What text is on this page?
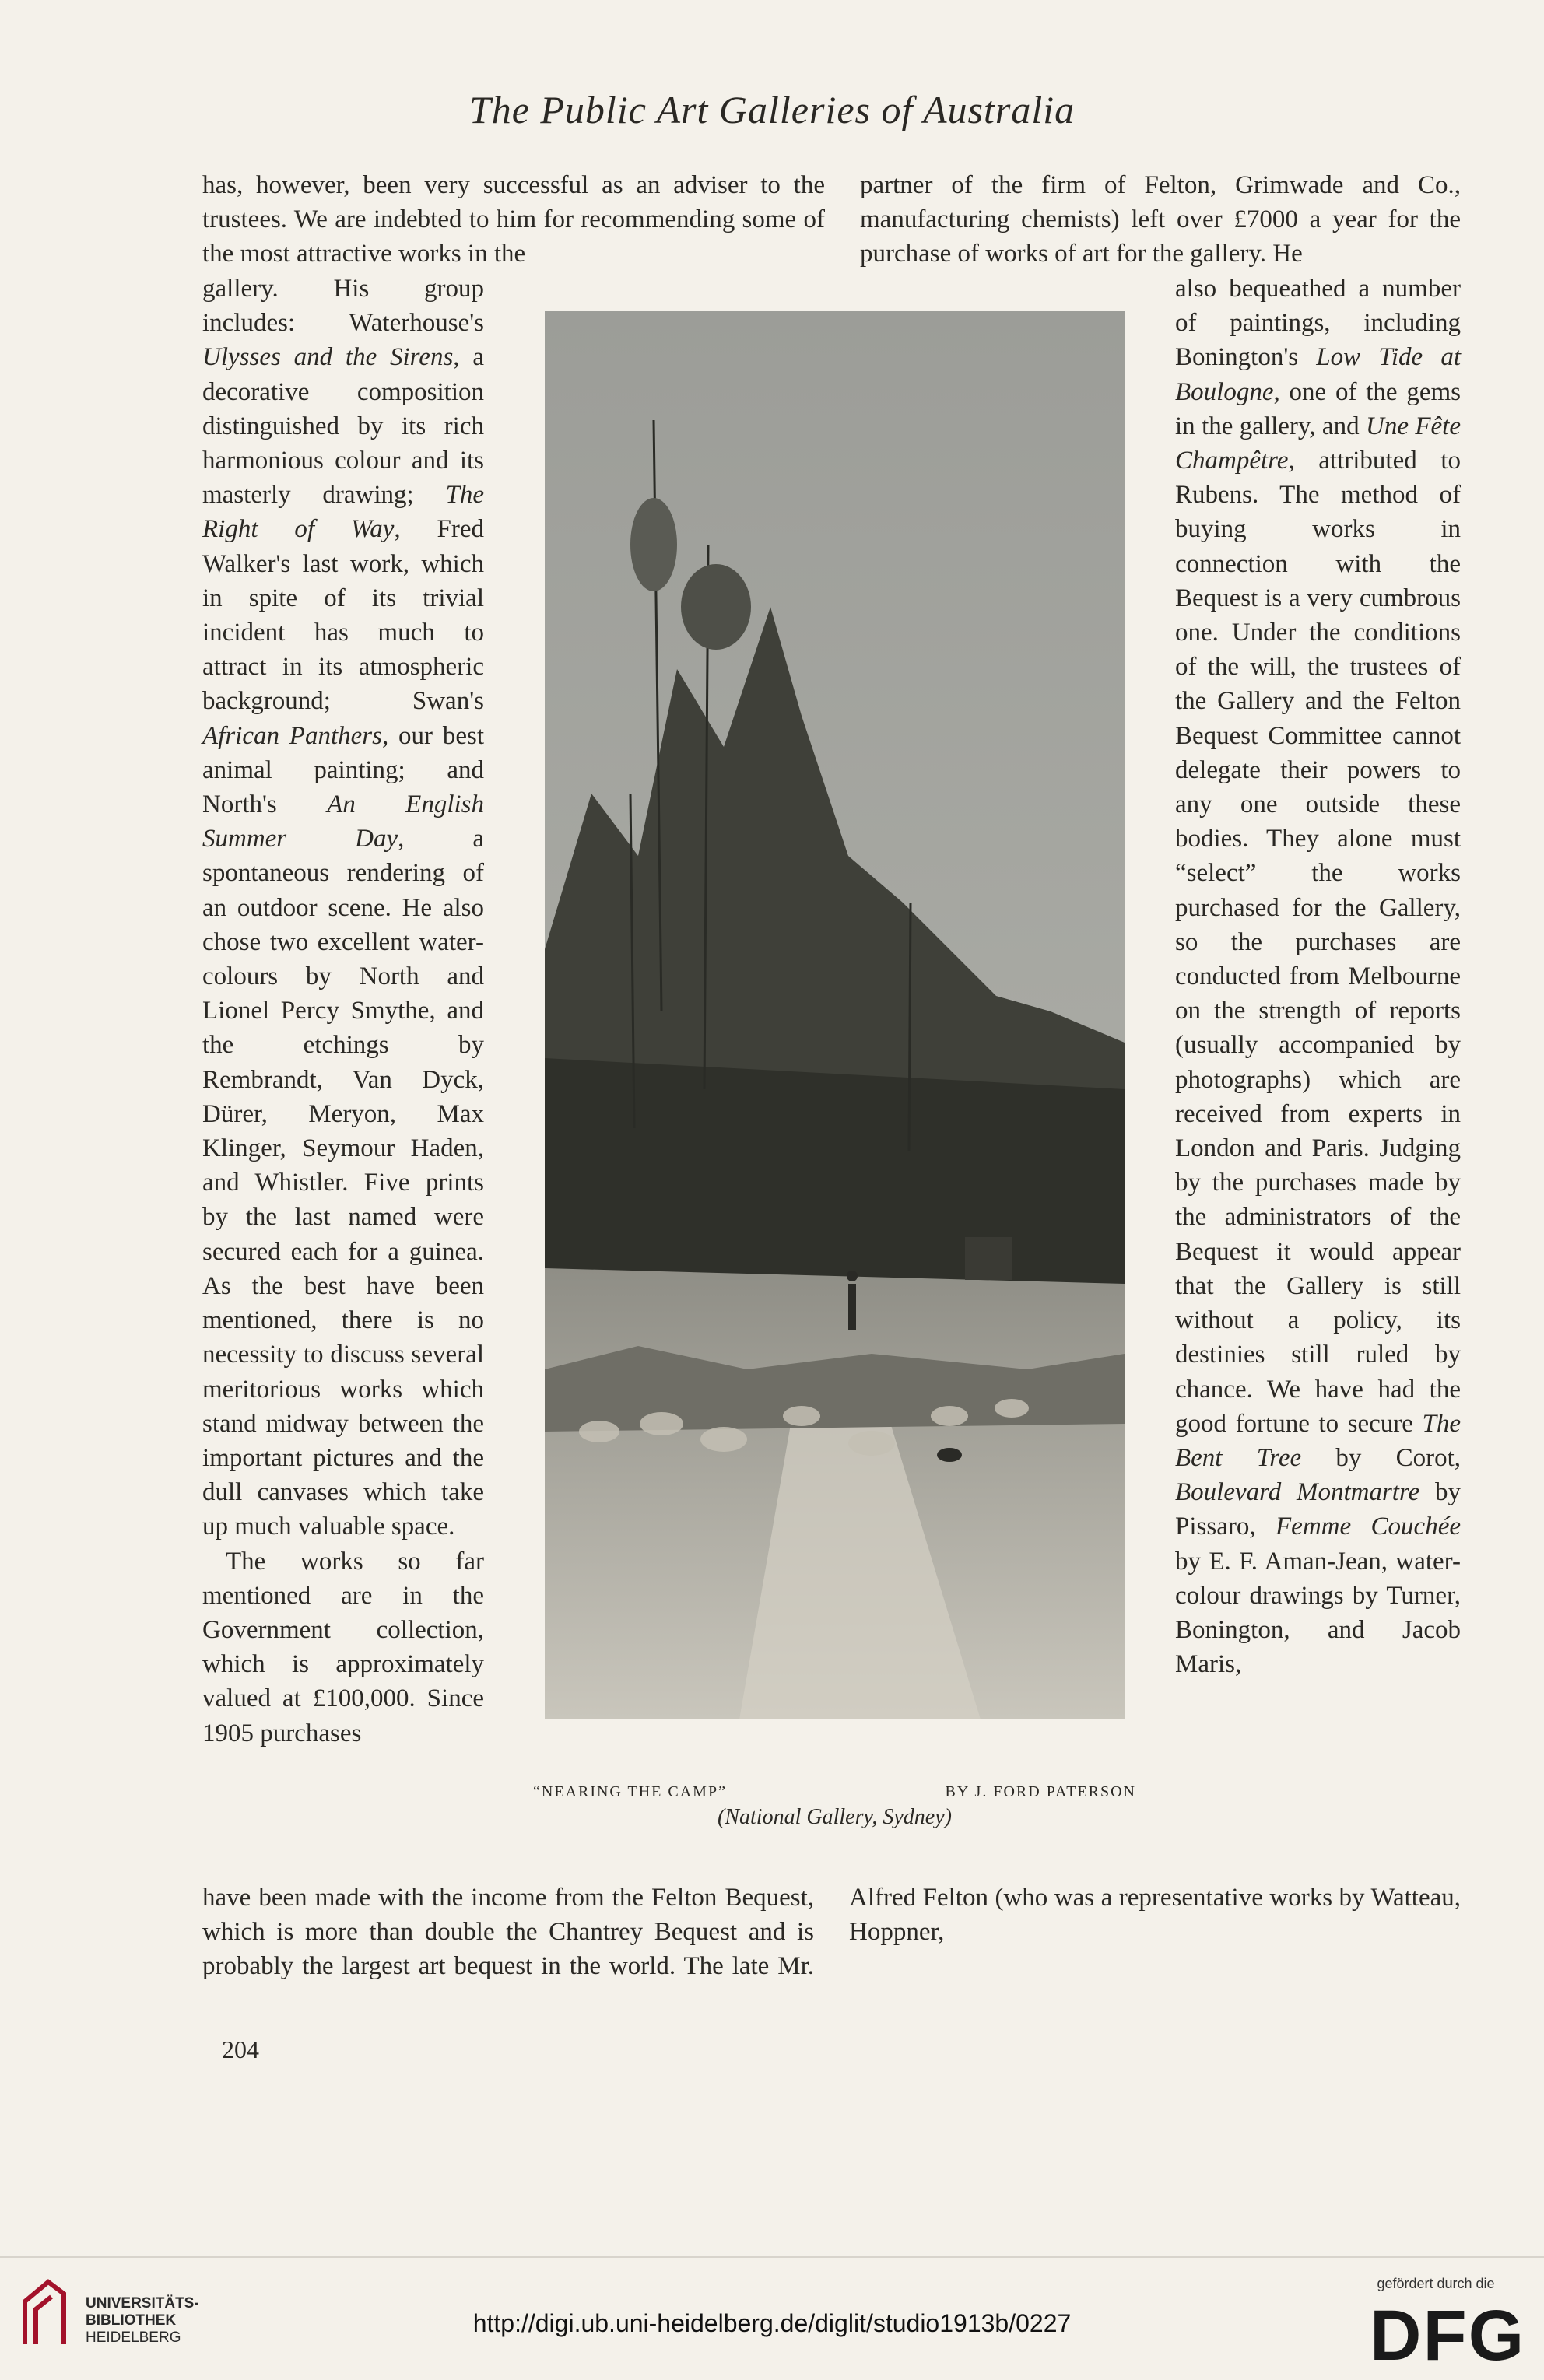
The Public Art Galleries of Australia
has, however, been very successful as an adviser to the trustees. We are indebted to him for recommending some of the most attractive works in the
partner of the firm of Felton, Grimwade and Co., manufacturing chemists) left over £7000 a year for the purchase of works of art for the gallery. He

gallery. His group includes: Waterhouse's Ulysses and the Sirens, a decorative composition distinguished by its rich harmonious colour and its masterly drawing; The Right of Way, Fred Walker's last work, which in spite of its trivial incident has much to attract in its atmospheric background; Swan's African Panthers, our best animal painting; and North's An English Summer Day, a spontaneous rendering of an outdoor scene. He also chose two excellent water-colours by North and Lionel Percy Smythe, and the etchings by Rembrandt, Van Dyck, Dürer, Meryon, Max Klinger, Seymour Haden, and Whistler. Five prints by the last named were secured each for a guinea. As the best have been mentioned, there is no necessity to discuss several meritorious works which stand midway between the important pictures and the dull canvases which take up much valuable space.

The works so far mentioned are in the Government collection, which is approximately valued at £100,000. Since 1905 purchases

also bequeathed a number of paintings, including Bonington's Low Tide at Boulogne, one of the gems in the gallery, and Une Fête Champêtre, attributed to Rubens. The method of buying works in connection with the Bequest is a very cumbrous one. Under the conditions of the will, the trustees of the Gallery and the Felton Bequest Committee cannot delegate their powers to any one outside these bodies. They alone must “select” the works purchased for the Gallery, so the purchases are conducted from Melbourne on the strength of reports (usually accompanied by photographs) which are received from experts in London and Paris. Judging by the purchases made by the administrators of the Bequest it would appear that the Gallery is still without a policy, its destinies still ruled by chance. We have had the good fortune to secure The Bent Tree by Corot, Boulevard Montmartre by Pissaro, Femme Couchée by E. F. Aman-Jean, water-colour drawings by Turner, Bonington, and Jacob Maris,

“NEARING THE CAMP”	BY J. FORD PATERSON
(National Gallery, Sydney)

have been made with the income from the Felton Bequest, which is more than double the Chantrey Bequest and is probably the largest art bequest in the world. The late Mr. Alfred Felton (who was a representative works by Watteau, Hoppner,

204
UNIVERSITÄTS-
BIBLIOTHEK
HEIDELBERG
http://digi.ub.uni-heidelberg.de/diglit/studio1913b/0227
gefördert durch die
DFG
